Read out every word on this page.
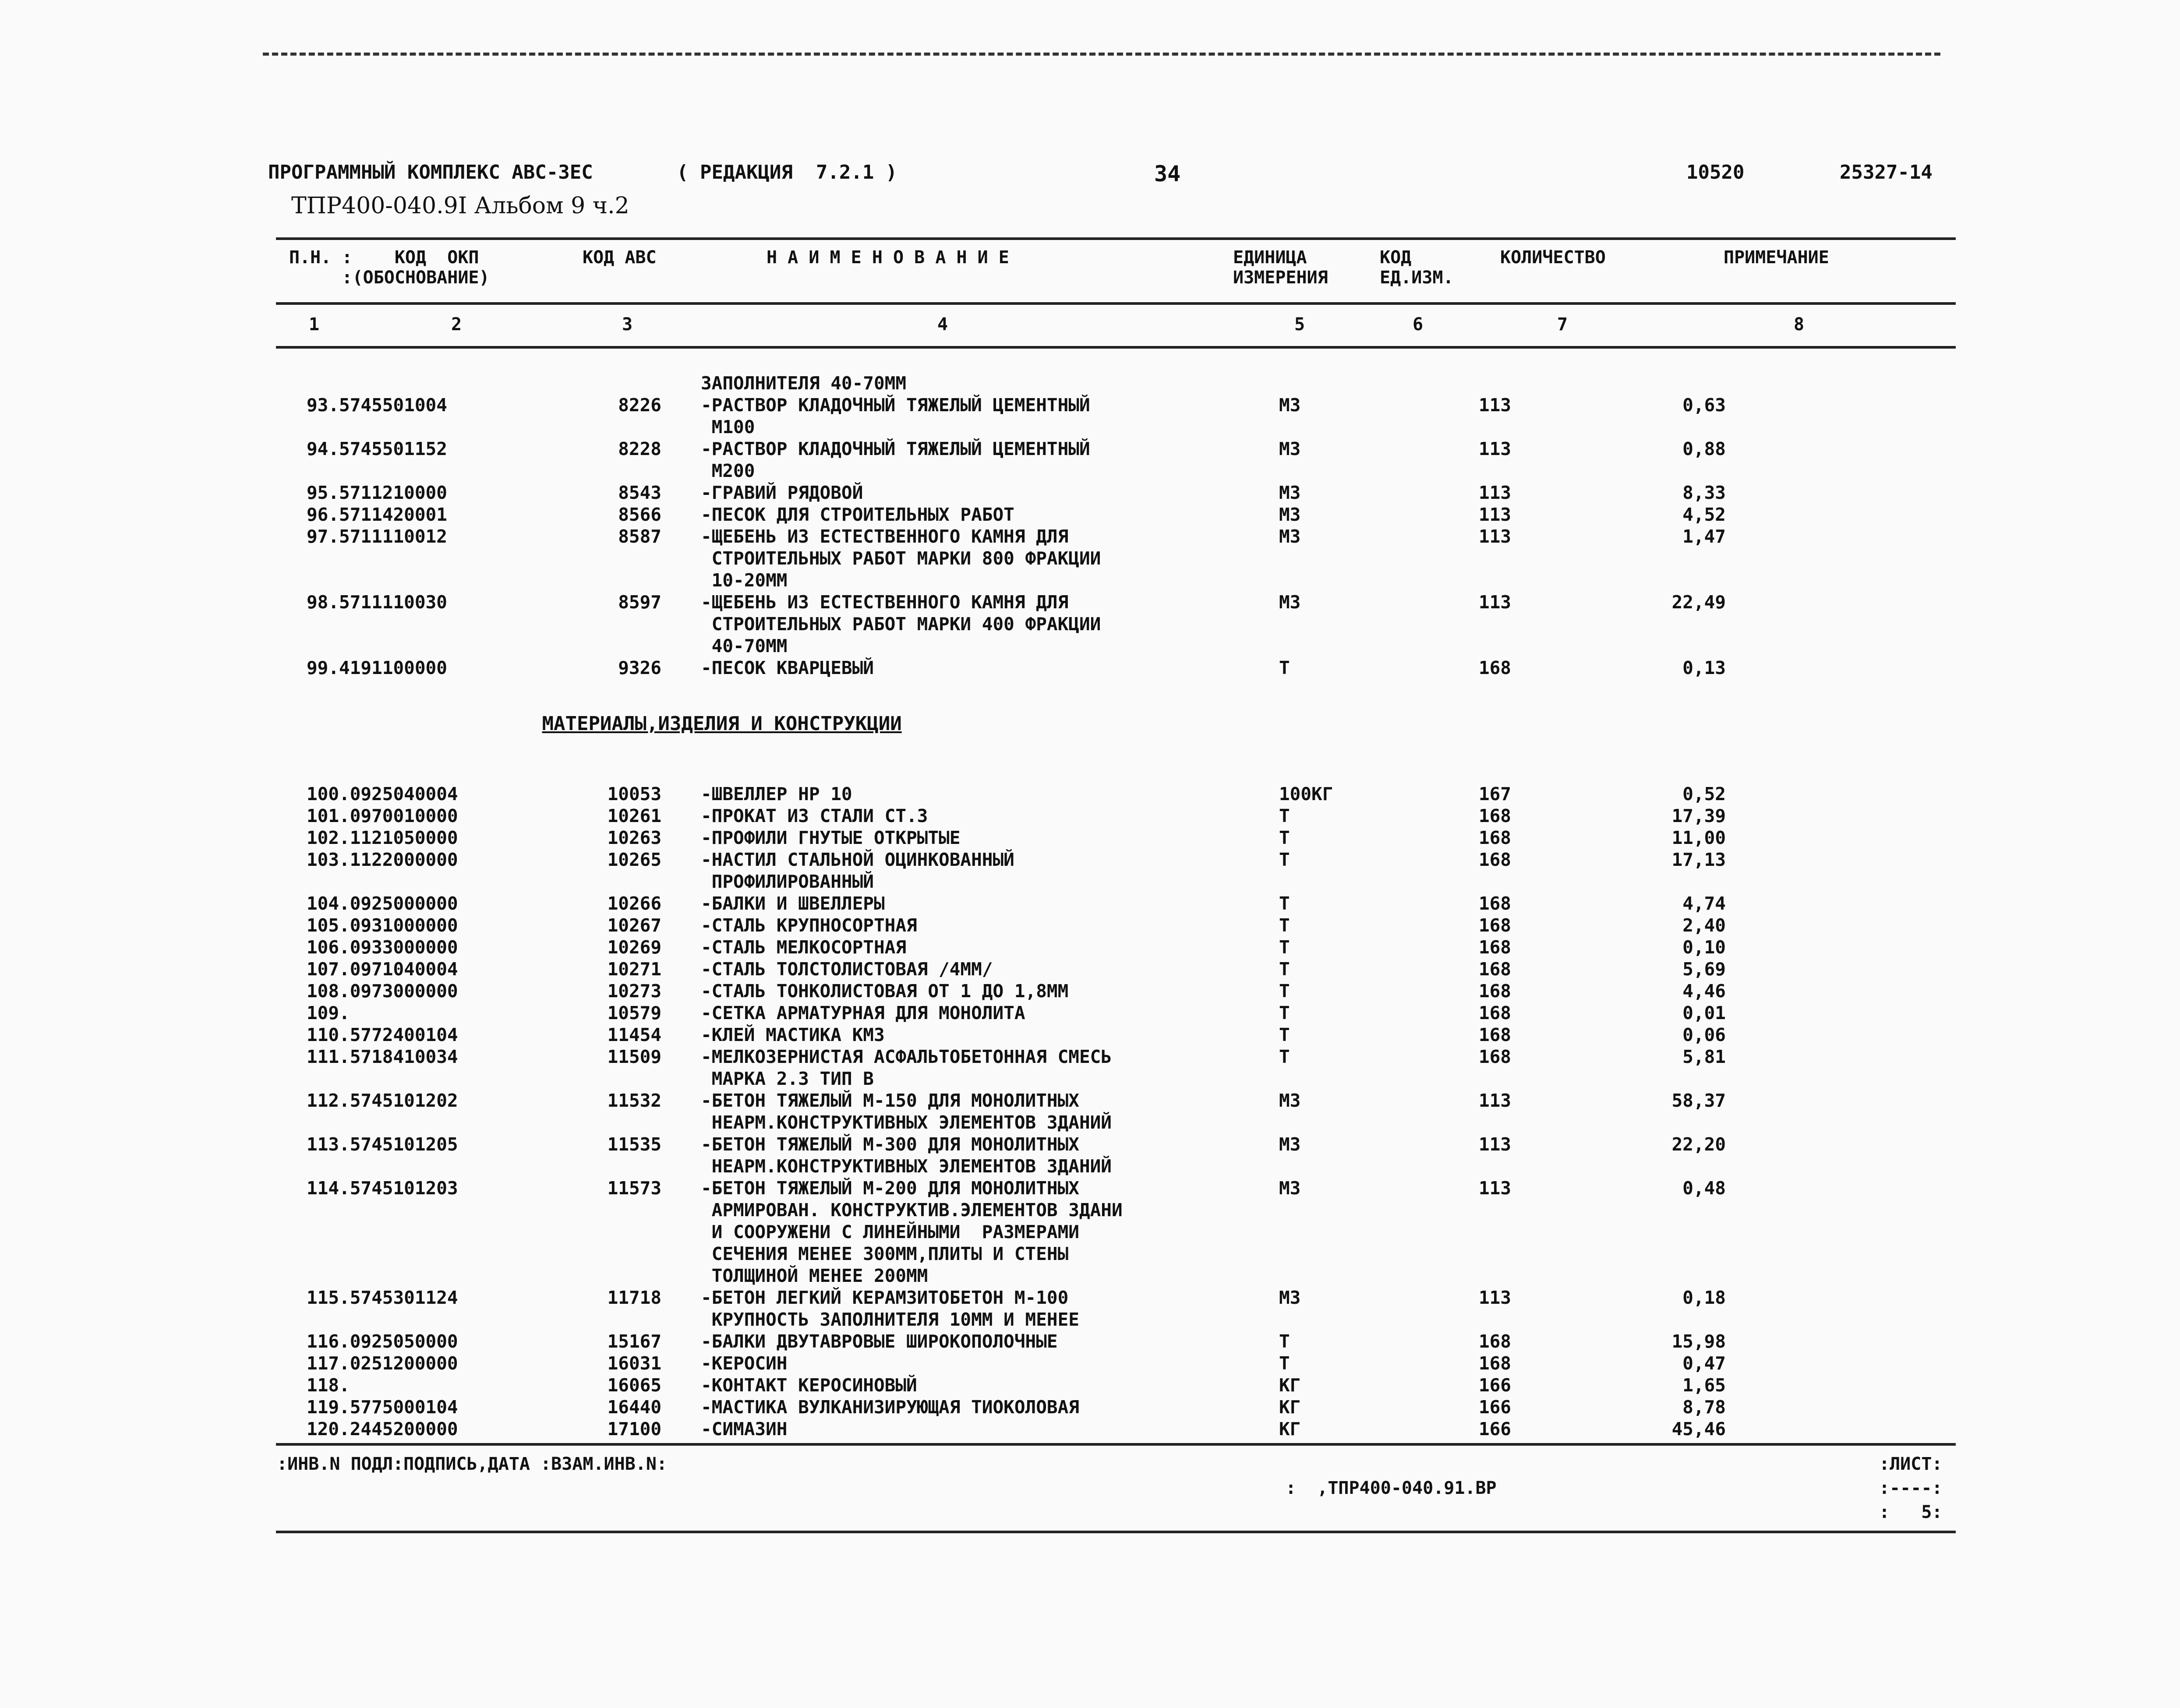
ПРОГРАММНЫЙ КОМПЛЕКС АВС-3ЕС	( РЕДАКЦИЯ  7.2.1 )	34	10520	25327-14
ТПР400-040.9I Альбом 9 ч.2
П.Н. :    КОД  ОКП
:(ОБОСНОВАНИЕ)
КОД АВС	Н А И М Е Н О В А Н И Е	ЕДИНИЦА
ИЗМЕРЕНИЯ
КОД
ЕД.ИЗМ.
КОЛИЧЕСТВО	ПРИМЕЧАНИЕ
1	2	3	4	5	6	7	8
		ЗАПОЛНИТЕЛЯ 40-70ММ			
93.5745501004	8226	-РАСТВОР КЛАДОЧНЫЙ ТЯЖЕЛЫЙ ЦЕМЕНТНЫЙ
М100	М3	113	0,63
94.5745501152	8228	-РАСТВОР КЛАДОЧНЫЙ ТЯЖЕЛЫЙ ЦЕМЕНТНЫЙ
М200	М3	113	0,88
95.5711210000	8543	-ГРАВИЙ РЯДОВОЙ	М3	113	8,33
96.5711420001	8566	-ПЕСОК ДЛЯ СТРОИТЕЛЬНЫХ РАБОТ	М3	113	4,52
97.5711110012	8587	-ЩЕБЕНЬ ИЗ ЕСТЕСТВЕННОГО КАМНЯ ДЛЯ
СТРОИТЕЛЬНЫХ РАБОТ МАРКИ 800 ФРАКЦИИ
10-20ММ	М3	113	1,47
98.5711110030	8597	-ЩЕБЕНЬ ИЗ ЕСТЕСТВЕННОГО КАМНЯ ДЛЯ
СТРОИТЕЛЬНЫХ РАБОТ МАРКИ 400 ФРАКЦИИ
40-70ММ	М3	113	22,49
99.4191100000	9326	-ПЕСОК КВАРЦЕВЫЙ	Т	168	0,13

МАТЕРИАЛЫ,ИЗДЕЛИЯ И КОНСТРУКЦИИ					

100.0925040004	10053	-ШВЕЛЛЕР НР 10	100КГ	167	0,52
101.0970010000	10261	-ПРОКАТ ИЗ СТАЛИ СТ.3	Т	168	17,39
102.1121050000	10263	-ПРОФИЛИ ГНУТЫЕ ОТКРЫТЫЕ	Т	168	11,00
103.1122000000	10265	-НАСТИЛ СТАЛЬНОЙ ОЦИНКОВАННЫЙ
ПРОФИЛИРОВАННЫЙ	Т	168	17,13
104.0925000000	10266	-БАЛКИ И ШВЕЛЛЕРЫ	Т	168	4,74
105.0931000000	10267	-СТАЛЬ КРУПНОСОРТНАЯ	Т	168	2,40
106.0933000000	10269	-СТАЛЬ МЕЛКОСОРТНАЯ	Т	168	0,10
107.0971040004	10271	-СТАЛЬ ТОЛСТОЛИСТОВАЯ /4ММ/	Т	168	5,69
108.0973000000	10273	-СТАЛЬ ТОНКОЛИСТОВАЯ ОТ 1 ДО 1,8ММ	Т	168	4,46
109.	10579	-СЕТКА АРМАТУРНАЯ ДЛЯ МОНОЛИТА	Т	168	0,01
110.5772400104	11454	-КЛЕЙ МАСТИКА КМЗ	Т	168	0,06
111.5718410034	11509	-МЕЛКОЗЕРНИСТАЯ АСФАЛЬТОБЕТОННАЯ СМЕСЬ
МАРКА 2.3 ТИП В	Т	168	5,81
112.5745101202	11532	-БЕТОН ТЯЖЕЛЫЙ М-150 ДЛЯ МОНОЛИТНЫХ
НЕАРМ.КОНСТРУКТИВНЫХ ЭЛЕМЕНТОВ ЗДАНИЙ	М3	113	58,37
113.5745101205	11535	-БЕТОН ТЯЖЕЛЫЙ М-300 ДЛЯ МОНОЛИТНЫХ
НЕАРМ.КОНСТРУКТИВНЫХ ЭЛЕМЕНТОВ ЗДАНИЙ	М3	113	22,20
114.5745101203	11573	-БЕТОН ТЯЖЕЛЫЙ М-200 ДЛЯ МОНОЛИТНЫХ
АРМИРОВАН. КОНСТРУКТИВ.ЭЛЕМЕНТОВ ЗДАНИ
И СООРУЖЕНИ С ЛИНЕЙНЫМИ  РАЗМЕРАМИ
СЕЧЕНИЯ МЕНЕЕ 300ММ,ПЛИТЫ И СТЕНЫ
ТОЛЩИНОЙ МЕНЕЕ 200ММ	М3	113	0,48
115.5745301124	11718	-БЕТОН ЛЕГКИЙ КЕРАМЗИТОБЕТОН М-100
КРУПНОСТЬ ЗАПОЛНИТЕЛЯ 10ММ И МЕНЕЕ	М3	113	0,18
116.0925050000	15167	-БАЛКИ ДВУТАВРОВЫЕ ШИРОКОПОЛОЧНЫЕ	Т	168	15,98
117.0251200000	16031	-КЕРОСИН	Т	168	0,47
118.	16065	-КОНТАКТ КЕРОСИНОВЫЙ	КГ	166	1,65
119.5775000104	16440	-МАСТИКА ВУЛКАНИЗИРУЮЩАЯ ТИОКОЛОВАЯ	КГ	166	8,78
120.2445200000	17100	-СИМАЗИН	КГ	166	45,46
:ИНВ.N ПОДЛ:ПОДПИСЬ,ДАТА :ВЗАМ.ИНВ.N:
:  ,ТПР400-040.91.ВР
:ЛИСТ:
:----:
:   5:
